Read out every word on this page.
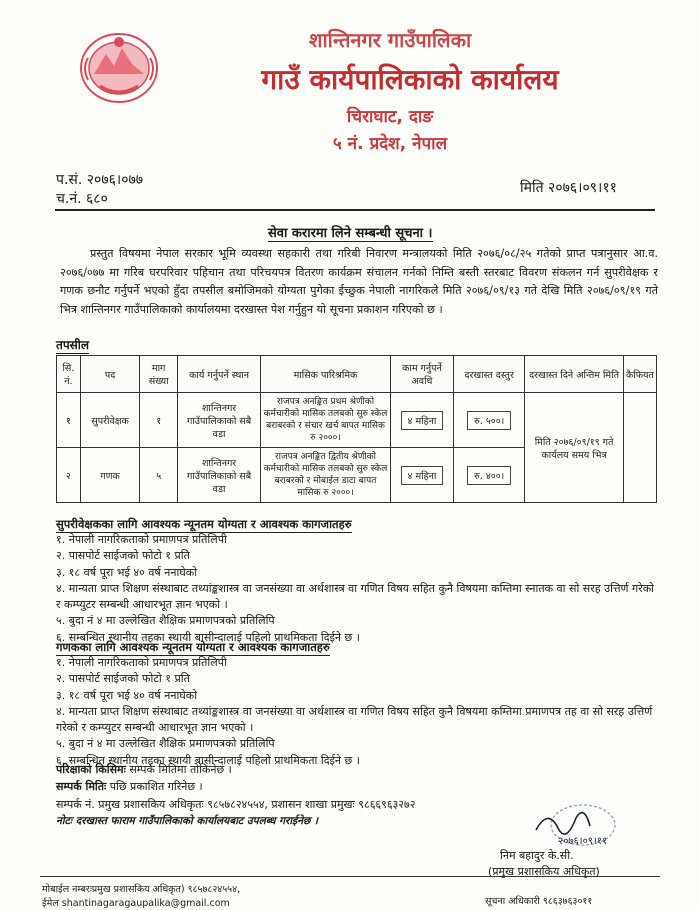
शान्तिनगर गाउँपालिका
गाउँ कार्यपालिकाको कार्यालय
चिराघाट, दाङ
५ नं. प्रदेश, नेपाल
प.सं. २०७६।०७७
च.नं. ६८०
मिति २०७६।०९।११
सेवा करारमा लिने सम्बन्धी सूचना ।
प्रस्तुत विषयमा नेपाल सरकार भूमि व्यवस्था सहकारी तथा गरिबी निवारण मन्त्रालयको मिति २०७६/०८/२५ गतेको प्राप्त पत्रानुसार आ.व. २०७६/०७७ मा गरिब घरपरिवार पहिचान तथा परिचयपत्र वितरण कार्यक्रम संचालन गर्नको निम्ति बस्ती स्तरबाट विवरण संकलन गर्न सुपरीवेक्षक र गणक छनौट गर्नुपर्ने भएको हुँदा तपसील बमोजिमको योग्यता पुगेका ईच्छुक नेपाली नागरिकले मिति २०७६/०९/१३ गते देखि मिति २०७६/०९/१९ गते भित्र शान्तिनगर गाउँपालिकाको कार्यालयमा दरखास्त पेश गर्नुहुन यो सूचना प्रकाशन गरिएको छ ।
तपसील
सि. नं.	पद	माग संख्या	कार्य गर्नुपर्ने स्थान	मासिक पारिश्रमिक	काम गर्नुपर्ने अवधि	दरखास्त दस्तुर	दरखास्त दिने अन्तिम मिति	कैफियत
१	सुपरीवेक्षक	१	शान्तिनगर गाउँपालिकाको सबै वडा	राजपत्र अनङ्कित प्रथम श्रेणीको कर्मचारीको मासिक तलबको सुरु स्केल बराबरको र संचार खर्च बापत मासिक रु २०००।	४ महिना	रु. ५००।	मिति २०७६/०९/१९ गते कार्यलय समय भित्र	
२	गणक	५	शान्तिनगर गाउँपालिकाको सबै वडा	राजपत्र अनङ्कित द्वितीय श्रेणीको कर्मचारीको मासिक तलबको सुरु स्केल बराबरको र मोबाईल डाटा बापत मासिक रु २०००।	४ महिना	रु. ४००।		
सुपरीवेक्षकका लागि आवश्यक न्यूनतम योग्यता र आवश्यक कागजातहरु
१. नेपाली नागरिकताको प्रमाणपत्र प्रतिलिपी
२. पासपोर्ट साईजको फोटो १ प्रति
३. १८ वर्ष पूरा भई ४० वर्ष ननाघेको
४. मान्यता प्राप्त शिक्षण संस्थाबाट तथ्यांङ्कशास्त्र वा जनसंख्या वा अर्थशास्त्र वा गणित विषय सहित कुनै विषयमा कम्तिमा स्नातक वा सो सरह उत्तिर्ण गरेको र कम्प्युटर सम्बन्धी आधारभूत ज्ञान भएको ।
५. बुदा नं ४ मा उल्लेखित शैक्षिक प्रमाणपत्रको प्रतिलिपि
६. सम्बन्धित स्थानीय तहका स्थायी बासीन्दालाई पहिलो प्राथमिकता दिईने छ ।
गणकका लागि आवश्यक न्यूनतम योग्यता र आवश्यक कागजातहरु
१. नेपाली नागरिकताको प्रमाणपत्र प्रतिलिपी
२. पासपोर्ट साईजको फोटो १ प्रति
३. १८ वर्ष पूरा भई ४० वर्ष ननाघेको
४. मान्यता प्राप्त शिक्षण संस्थाबाट तथ्यांङ्कशास्त्र वा जनसंख्या वा अर्थशास्त्र वा गणित विषय सहित कुनै विषयमा कम्तिमा प्रमाणपत्र तह वा सो सरह उत्तिर्ण गरेको र कम्प्युटर सम्बन्धी आधारभूत ज्ञान भएको ।
५. बुदा नं ४ मा उल्लेखित शैक्षिक प्रमाणपत्रको प्रतिलिपि
६. सम्बन्धित स्थानीय तहका स्थायी बासीन्दालाई पहिलो प्राथमिकता दिईने छ ।
परिक्षाको किसिमः सम्पर्क मितिमा तोकिनेछ ।
सम्पर्क मितिः पछि प्रकाशित गरिनेछ ।
सम्पर्क नं. प्रमुख प्रशासकिय अधिकृतः ९८५७८२४५५४, प्रशासन शाखा प्रमुखः ९८६६९६३२७२
नोटः दरखास्त फाराम गाउँपालिकाको कार्यालयबाट उपलब्ध गराईनेछ ।
२०७६।०९।११
निम बहादुर के.सी.
(प्रमुख प्रशासकिय अधिकृत)
मोबाईल नम्बरःप्रमुख प्रशासकिय अधिकृत) ९८५७८२४५५४,
ईमेल shantinagaragaupalika@gmail.com	सूचना अधिकारी ९८६३७६३०११
